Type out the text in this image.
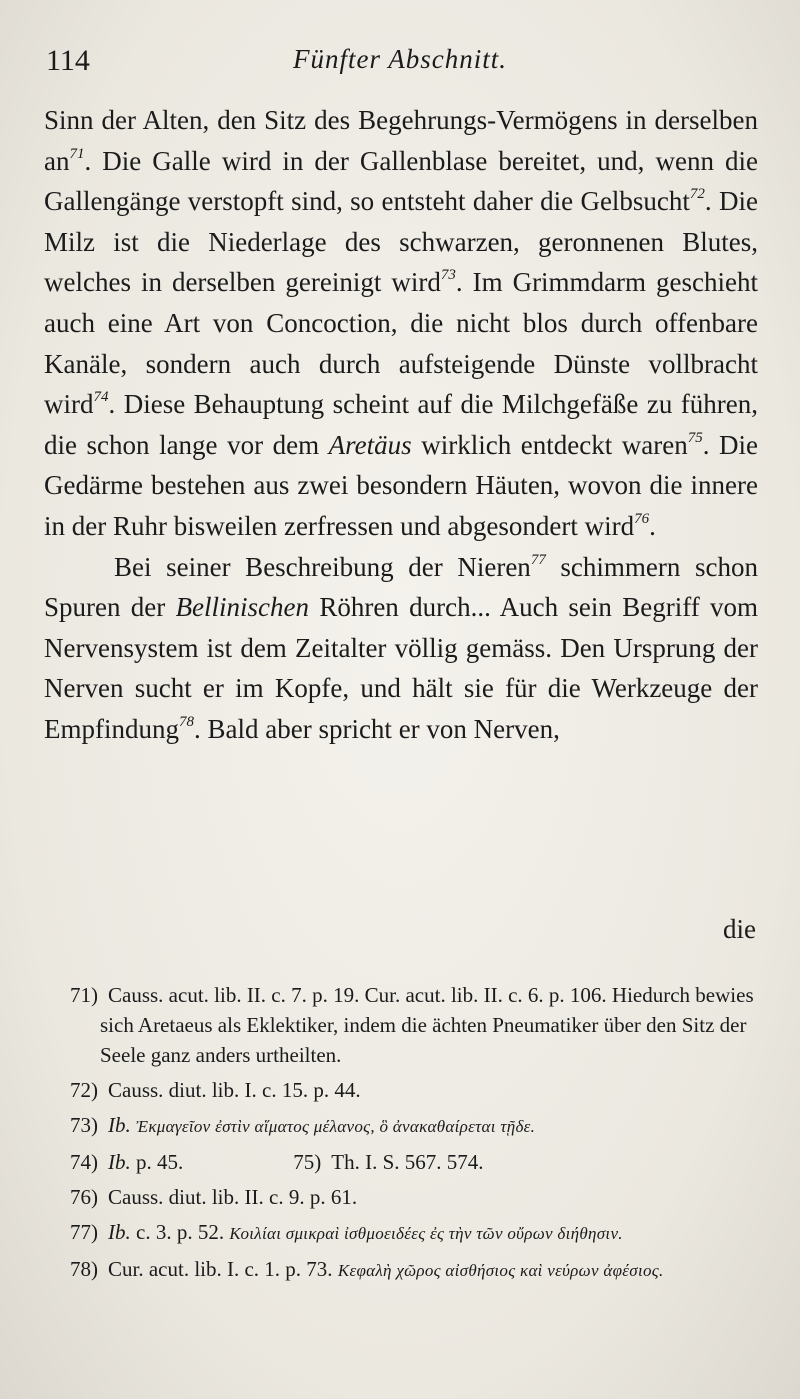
114	Fünfter Abschnitt.

Sinn der Alten, den Sitz des Begehrungs-Vermögens in derselben $an^{71}$. Die Galle wird in der Gallenblase bereitet, und, wenn die Gallengänge verstopft sind, so entsteht daher die Gelbsucht$^{72}$. Die Milz ist die Niederlage des schwarzen, geronnenen Blutes, welches in derselben gereinigt wird$^{73}$. Im Grimmdarm geschieht auch eine Art von Concoction, die nicht blos durch offenbare Kanäle, sondern auch durch aufsteigende Dünste vollbracht wird$^{74}$. Diese Behauptung scheint auf die Milchgefäße zu führen, die schon lange vor dem Aretäus wirklich entdeckt waren$^{75}$. Die Gedärme bestehen aus zwei besondern Häuten, wovon die innere in der Ruhr bisweilen zerfressen und abgesondert wird$^{76}$.

Bei seiner Beschreibung der Nieren$^{77}$ schimmern schon Spuren der Bellinischen Röhren durch... Auch sein Begriff vom Nervensystem ist dem Zeitalter völlig gemäss. Den Ursprung der Nerven sucht er im Kopfe, und hält sie für die Werkzeuge der Empfindung$^{78}$. Bald aber spricht er von Nerven,

die

71) Causs. acut. lib. II. c. 7. p. 19. Cur. acut. lib. II. c. 6. p. 106. Hiedurch bewies sich Aretaeus als Eklektiker, indem die ächten Pneumatiker über den Sitz der Seele ganz anders urtheilten.

72) Causs. diut. lib. I. c. 15. p. 44.

73) Ib. Ἐκμαγεῖον ἐστὶν αἵματος μέλανος, ὃ ἀνακαθαίρεται τῇδε.

74) Ib. p. 45.	75) Th. I. S. 567. 574.

76) Causs. diut. lib. II. c. 9. p. 61.

77) Ib. c. 3. p. 52. Κοιλίαι σμικραὶ ἰσθμοειδέες ἐς τὴν τῶν οὔρων διήθησιν.

78) Cur. acut. lib. I. c. 1. p. 73. Κεφαλὴ χῶρος αἰσθήσιος καὶ νεύρων ἀφέσιος.
